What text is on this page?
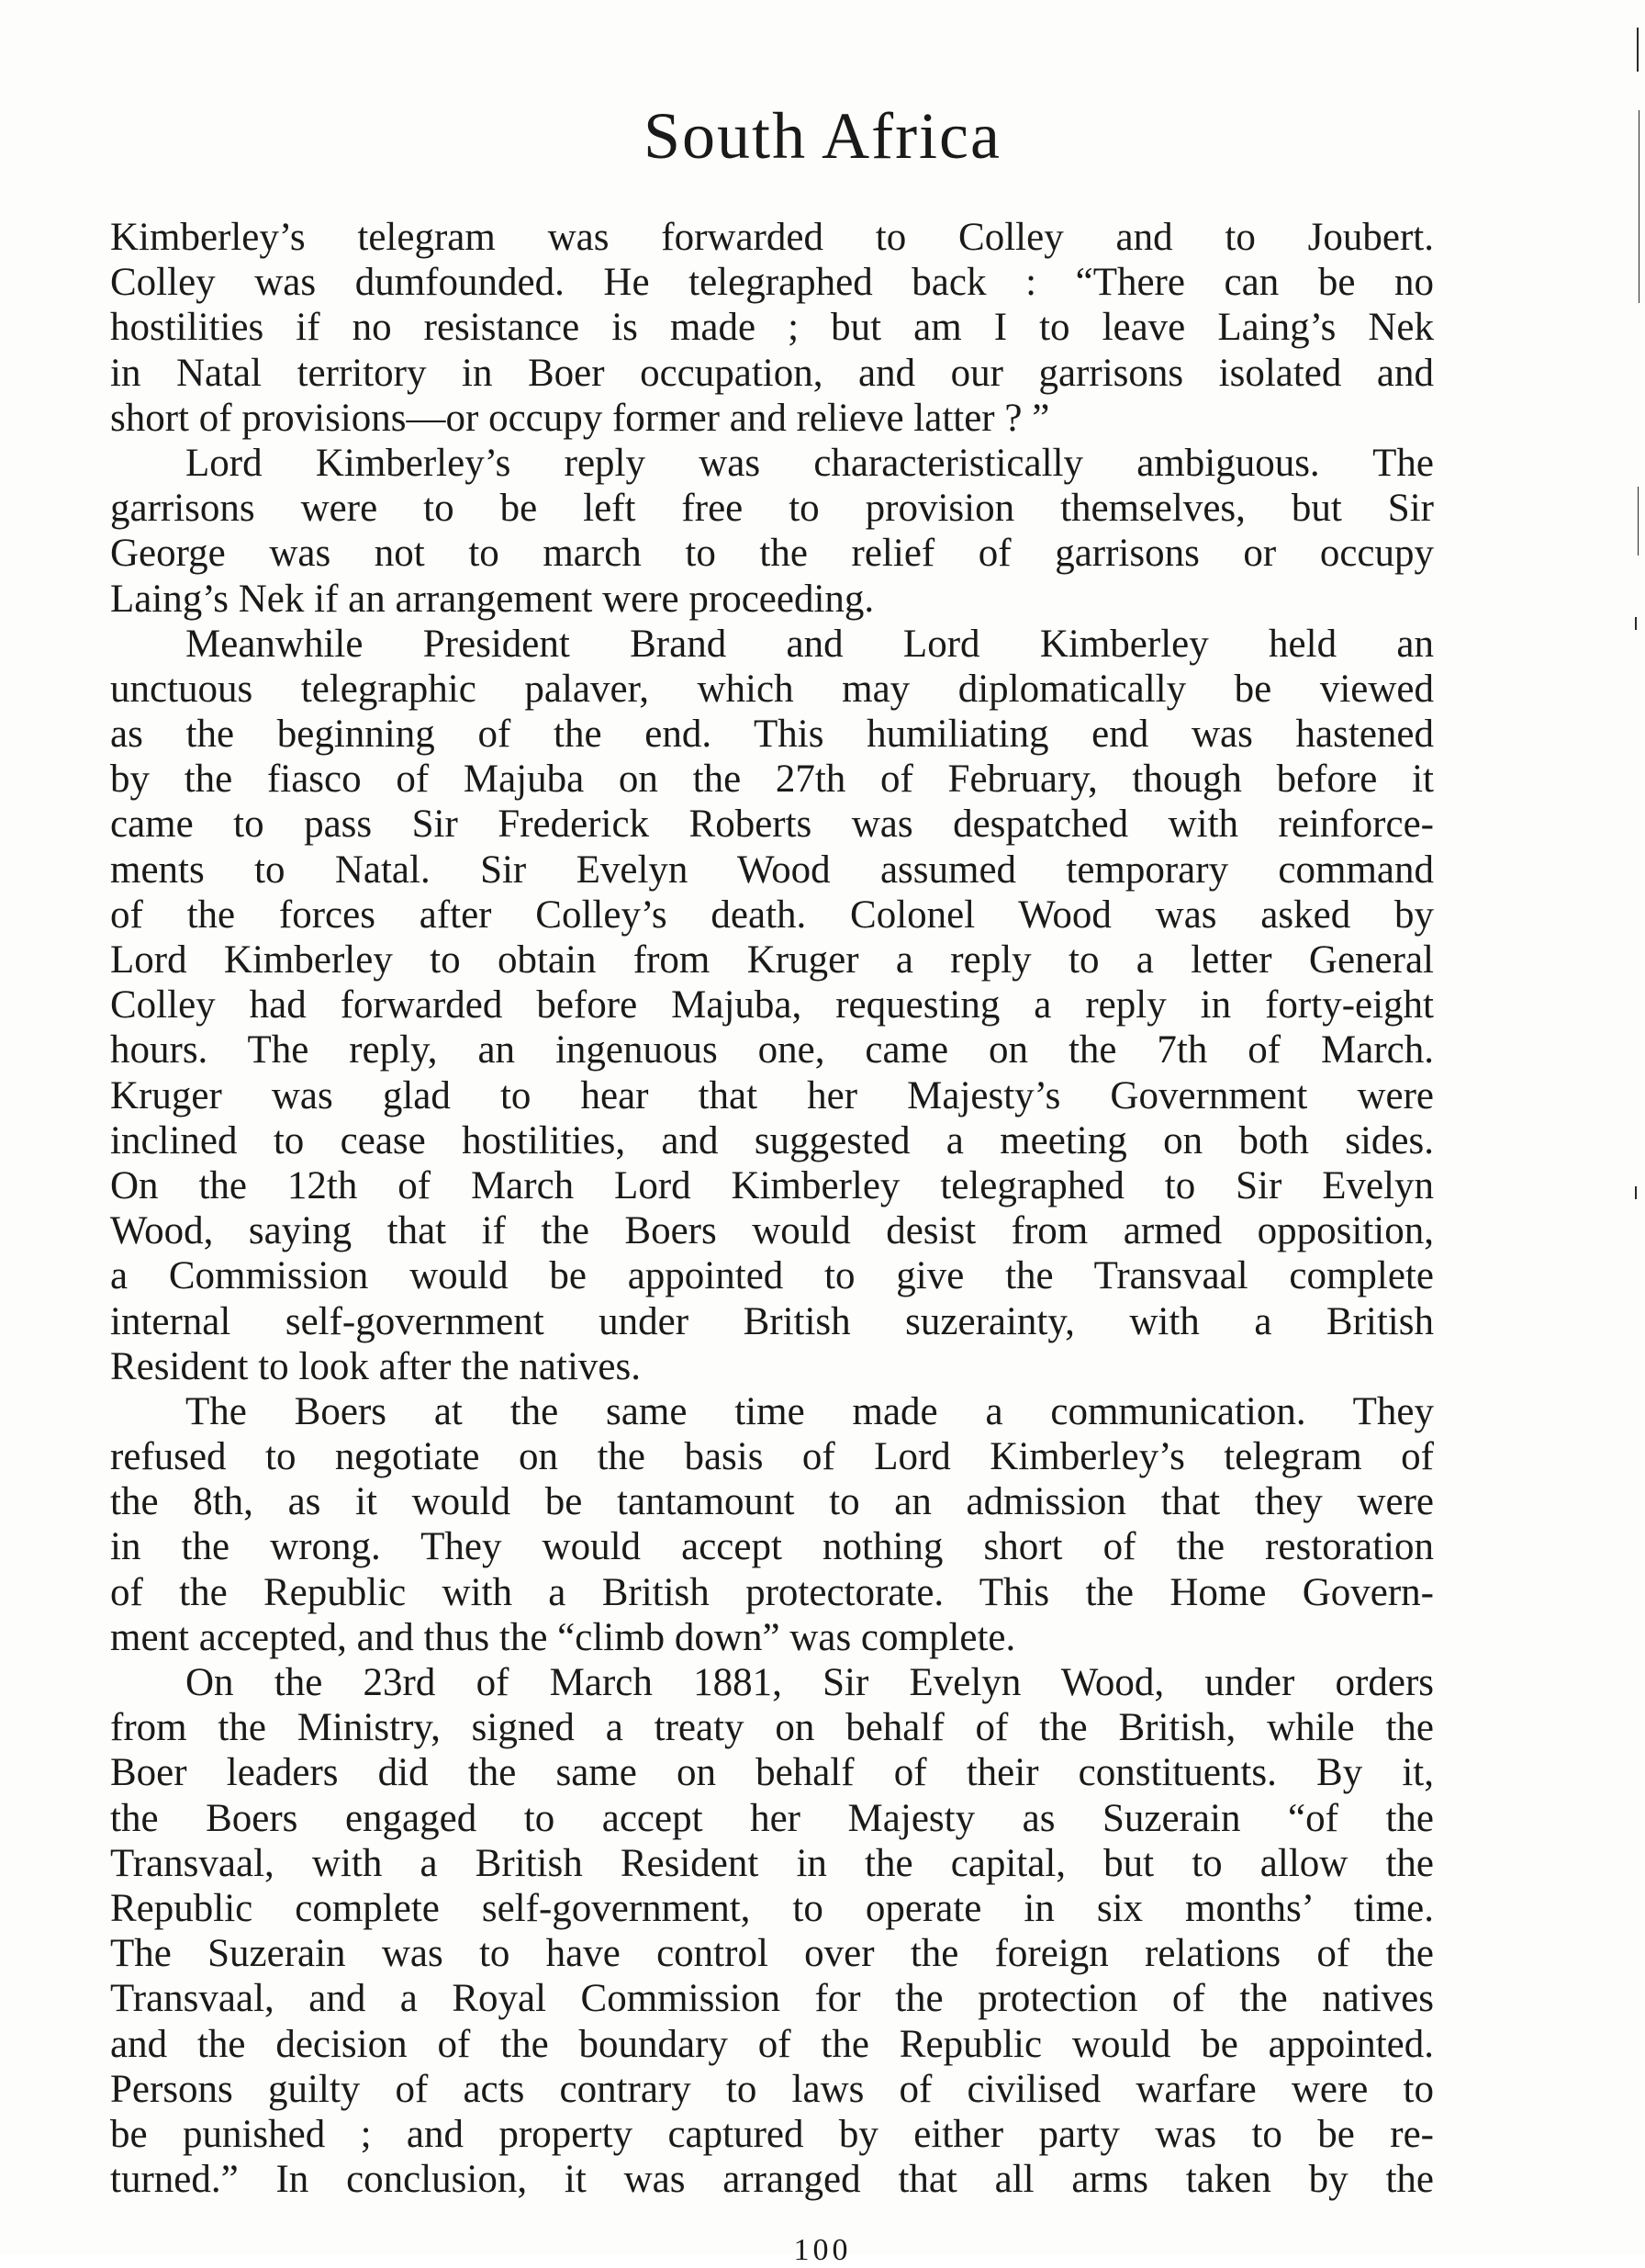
South Africa
Kimberley’s telegram was forwarded to Colley and to Joubert.
Colley was dumfounded. He telegraphed back : “There can be no
hostilities if no resistance is made ; but am I to leave Laing’s Nek
in Natal territory in Boer occupation, and our garrisons isolated and
short of provisions—or occupy former and relieve latter ? ”
Lord Kimberley’s reply was characteristically ambiguous. The
garrisons were to be left free to provision themselves, but Sir
George was not to march to the relief of garrisons or occupy
Laing’s Nek if an arrangement were proceeding.
Meanwhile President Brand and Lord Kimberley held an
unctuous telegraphic palaver, which may diplomatically be viewed
as the beginning of the end. This humiliating end was hastened
by the fiasco of Majuba on the 27th of February, though before it
came to pass Sir Frederick Roberts was despatched with reinforce-
ments to Natal. Sir Evelyn Wood assumed temporary command
of the forces after Colley’s death. Colonel Wood was asked by
Lord Kimberley to obtain from Kruger a reply to a letter General
Colley had forwarded before Majuba, requesting a reply in forty-eight
hours. The reply, an ingenuous one, came on the 7th of March.
Kruger was glad to hear that her Majesty’s Government were
inclined to cease hostilities, and suggested a meeting on both sides.
On the 12th of March Lord Kimberley telegraphed to Sir Evelyn
Wood, saying that if the Boers would desist from armed opposition,
a Commission would be appointed to give the Transvaal complete
internal self-government under British suzerainty, with a British
Resident to look after the natives.
The Boers at the same time made a communication. They
refused to negotiate on the basis of Lord Kimberley’s telegram of
the 8th, as it would be tantamount to an admission that they were
in the wrong. They would accept nothing short of the restoration
of the Republic with a British protectorate. This the Home Govern-
ment accepted, and thus the “climb down” was complete.
On the 23rd of March 1881, Sir Evelyn Wood, under orders
from the Ministry, signed a treaty on behalf of the British, while the
Boer leaders did the same on behalf of their constituents. By it,
the Boers engaged to accept her Majesty as Suzerain “of the
Transvaal, with a British Resident in the capital, but to allow the
Republic complete self-government, to operate in six months’ time.
The Suzerain was to have control over the foreign relations of the
Transvaal, and a Royal Commission for the protection of the natives
and the decision of the boundary of the Republic would be appointed.
Persons guilty of acts contrary to laws of civilised warfare were to
be punished ; and property captured by either party was to be re-
turned.” In conclusion, it was arranged that all arms taken by the
100
